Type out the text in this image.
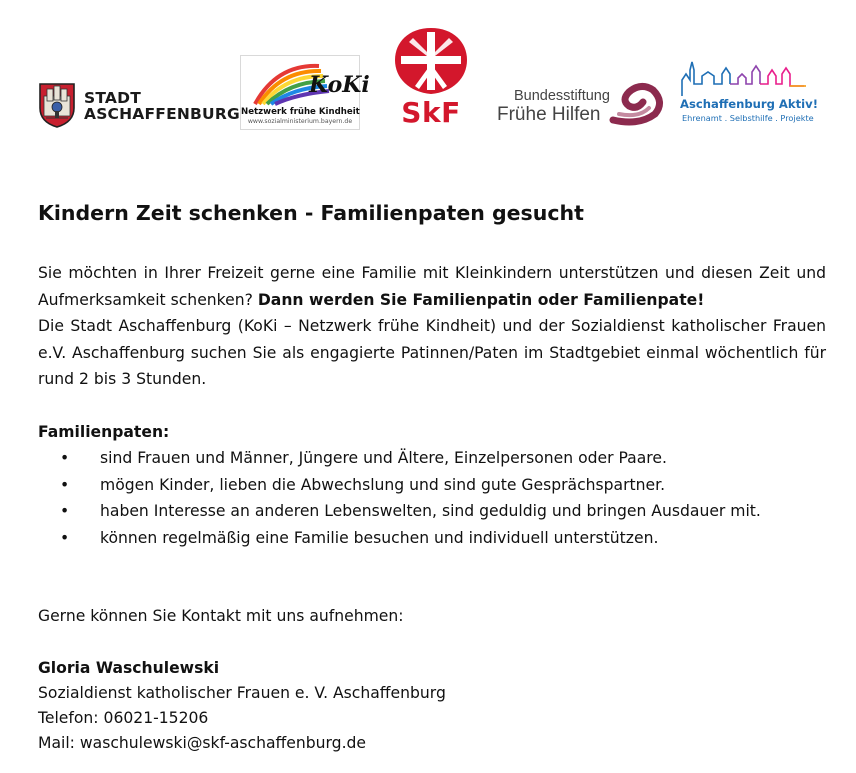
STADT
ASCHAFFENBURG
KoKi
Netzwerk frühe Kindheit
www.sozialministerium.bayern.de SkF	Bundesstiftung
Frühe Hilfen	Aschaffenburg Aktiv!
Ehrenamt . Selbsthilfe . Projekte
Kindern Zeit schenken - Familienpaten gesucht

Sie möchten in Ihrer Freizeit gerne eine Familie mit Kleinkindern unterstützen und diesen Zeit und Aufmerksamkeit schenken? Dann werden Sie Familienpatin oder Familienpate!

Die Stadt Aschaffenburg (KoKi – Netzwerk frühe Kindheit) und der Sozialdienst katholischer Frauen e.V. Aschaffenburg suchen Sie als engagierte Patinnen/Paten im Stadtgebiet einmal wöchentlich für rund 2 bis 3 Stunden.

Familienpaten:
• sind Frauen und Männer, Jüngere und Ältere, Einzelpersonen oder Paare.
• mögen Kinder, lieben die Abwechslung und sind gute Gesprächspartner.
• haben Interesse an anderen Lebenswelten, sind geduldig und bringen Ausdauer mit.
• können regelmäßig eine Familie besuchen und individuell unterstützen.
Gerne können Sie Kontakt mit uns aufnehmen:
Gloria Waschulewski
Sozialdienst katholischer Frauen e. V. Aschaffenburg
Telefon: 06021-15206
Mail: waschulewski@skf-aschaffenburg.de
